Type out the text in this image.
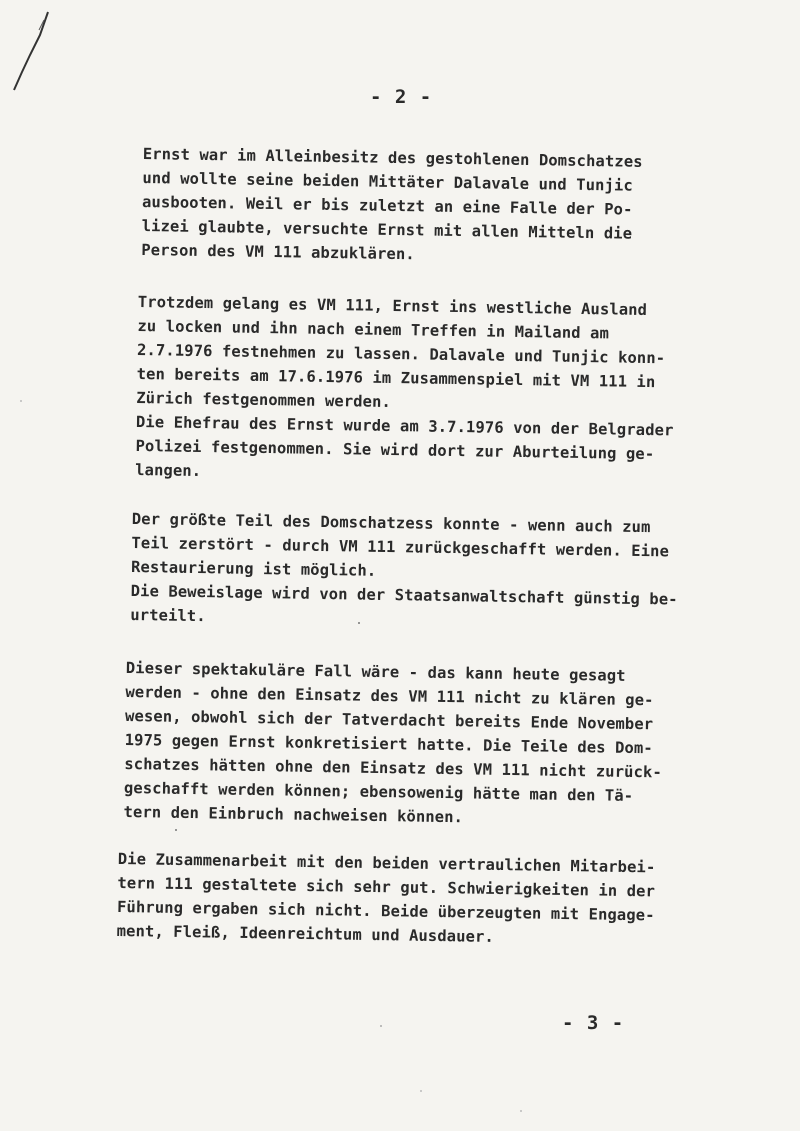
- 2 -
Ernst war im Alleinbesitz des gestohlenen Domschatzes
und wollte seine beiden Mittäter Dalavale und Tunjic
ausbooten. Weil er bis zuletzt an eine Falle der Po-
lizei glaubte, versuchte Ernst mit allen Mitteln die
Person des VM 111 abzuklären.
Trotzdem gelang es VM 111, Ernst ins westliche Ausland
zu locken und ihn nach einem Treffen in Mailand am
2.7.1976 festnehmen zu lassen. Dalavale und Tunjic konn-
ten bereits am 17.6.1976 im Zusammenspiel mit VM 111 in
Zürich festgenommen werden.
Die Ehefrau des Ernst wurde am 3.7.1976 von der Belgrader
Polizei festgenommen. Sie wird dort zur Aburteilung ge-
langen.
Der größte Teil des Domschatzess konnte - wenn auch zum
Teil zerstört - durch VM 111 zurückgeschafft werden. Eine
Restaurierung ist möglich.
Die Beweislage wird von der Staatsanwaltschaft günstig be-
urteilt.
Dieser spektakuläre Fall wäre - das kann heute gesagt
werden - ohne den Einsatz des VM 111 nicht zu klären ge-
wesen, obwohl sich der Tatverdacht bereits Ende November
1975 gegen Ernst konkretisiert hatte. Die Teile des Dom-
schatzes hätten ohne den Einsatz des VM 111 nicht zurück-
geschafft werden können; ebensowenig hätte man den Tä-
tern den Einbruch nachweisen können.
Die Zusammenarbeit mit den beiden vertraulichen Mitarbei-
tern 111 gestaltete sich sehr gut. Schwierigkeiten in der
Führung ergaben sich nicht. Beide überzeugten mit Engage-
ment, Fleiß, Ideenreichtum und Ausdauer.
- 3 -
